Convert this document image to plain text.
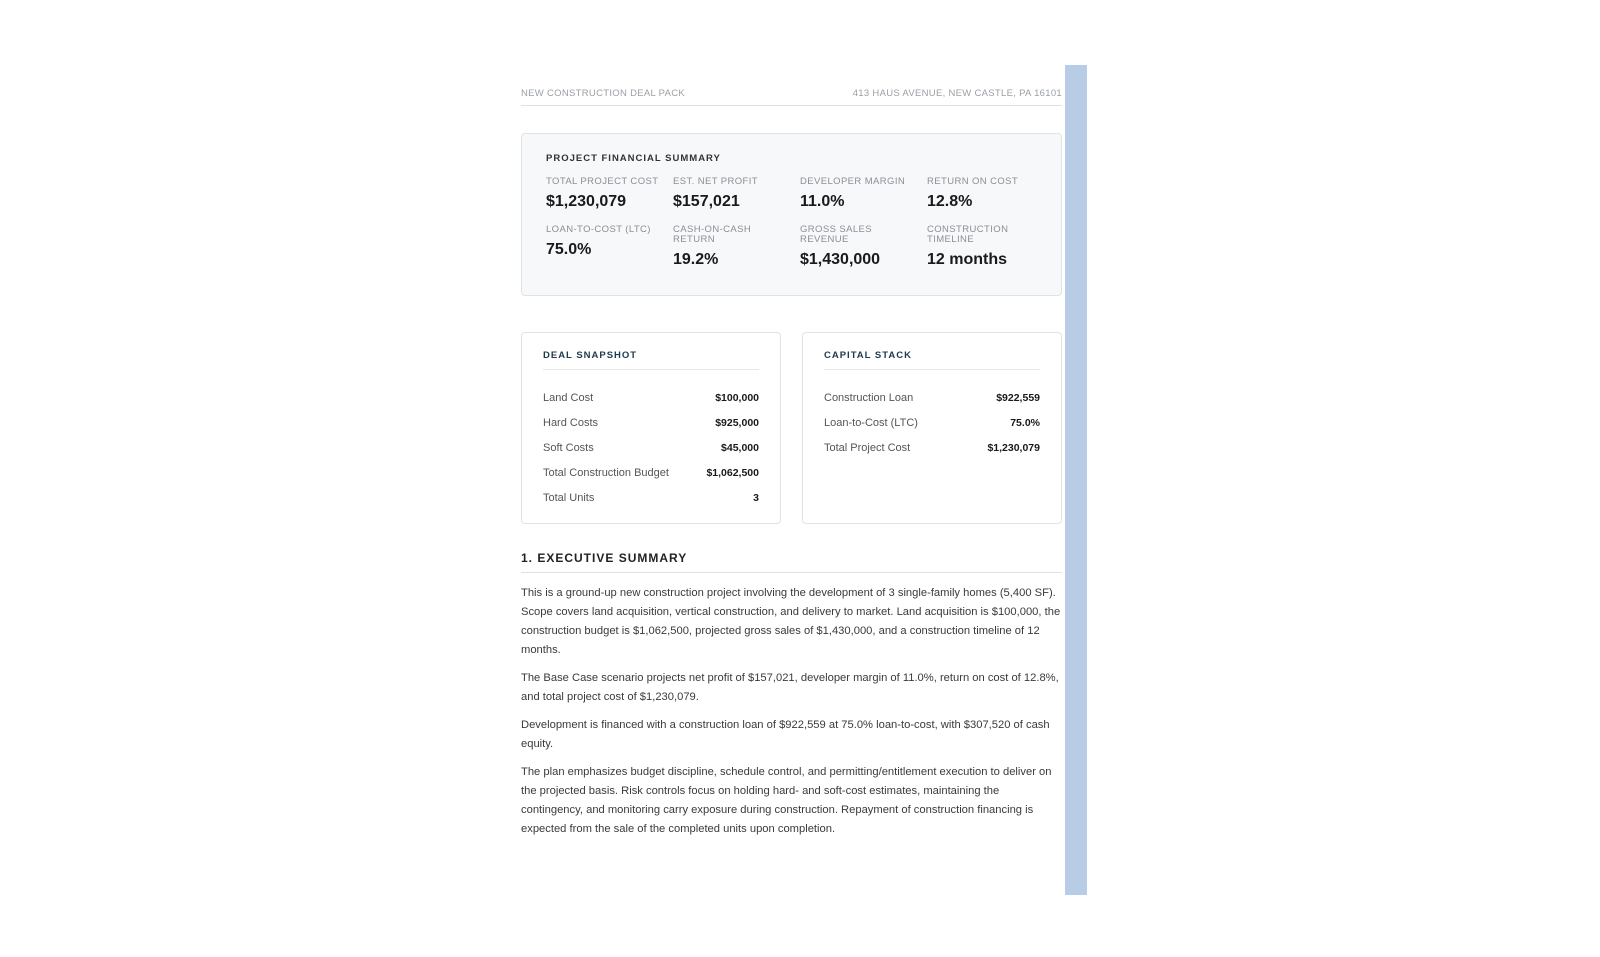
NEW CONSTRUCTION DEAL PACK	413 HAUS AVENUE, NEW CASTLE, PA 16101
PROJECT FINANCIAL SUMMARY
TOTAL PROJECT COST
$1,230,079
EST. NET PROFIT
$157,021
DEVELOPER MARGIN
11.0%
RETURN ON COST
12.8%
LOAN-TO-COST (LTC)
75.0%
CASH-ON-CASH RETURN
19.2%
GROSS SALES REVENUE
$1,430,000
CONSTRUCTION TIMELINE
12 months
DEAL SNAPSHOT
Land Cost	$100,000
Hard Costs	$925,000
Soft Costs	$45,000
Total Construction Budget	$1,062,500
Total Units	3
CAPITAL STACK
Construction Loan	$922,559
Loan-to-Cost (LTC)	75.0%
Total Project Cost	$1,230,079
1. EXECUTIVE SUMMARY

This is a ground-up new construction project involving the development of 3 single-family homes (5,400 SF). Scope covers land acquisition, vertical construction, and delivery to market. Land acquisition is $100,000, the construction budget is $1,062,500, projected gross sales of $1,430,000, and a construction timeline of 12 months.

The Base Case scenario projects net profit of $157,021, developer margin of 11.0%, return on cost of 12.8%, and total project cost of $1,230,079.

Development is financed with a construction loan of $922,559 at 75.0% loan-to-cost, with $307,520 of cash equity.

The plan emphasizes budget discipline, schedule control, and permitting/entitlement execution to deliver on the projected basis. Risk controls focus on holding hard- and soft-cost estimates, maintaining the contingency, and monitoring carry exposure during construction. Repayment of construction financing is expected from the sale of the completed units upon completion.
